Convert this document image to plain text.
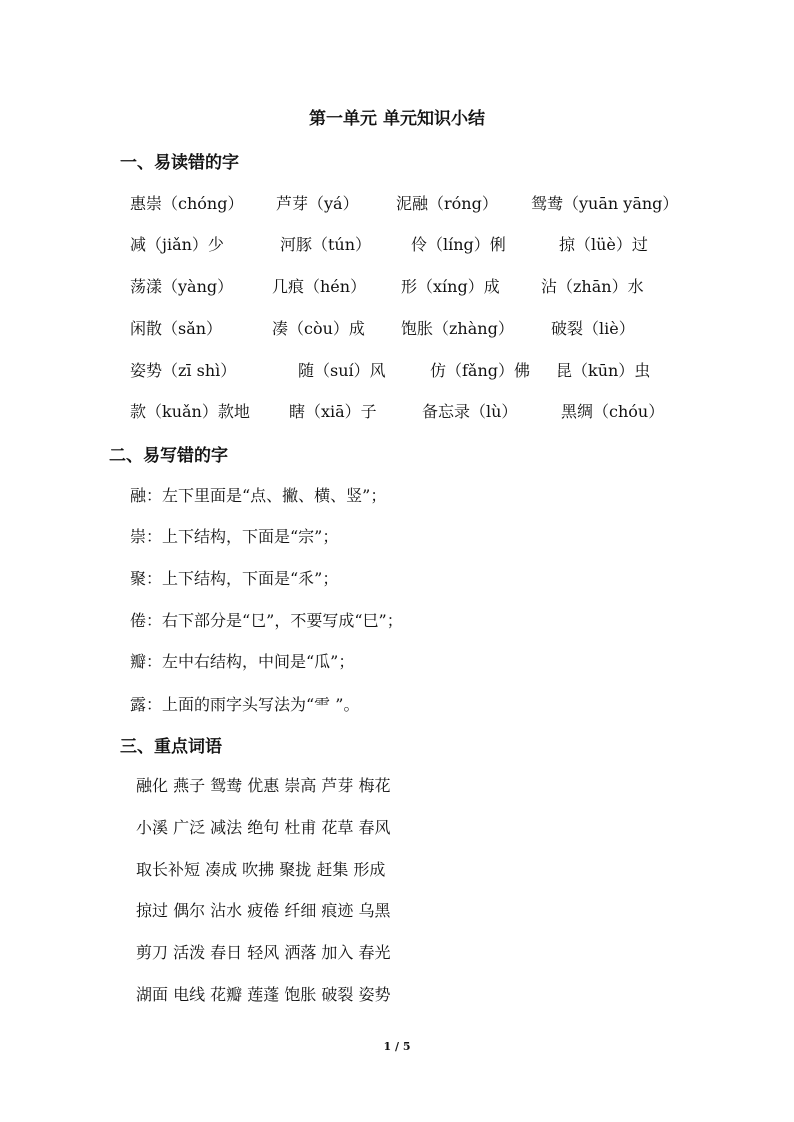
第一单元 单元知识小结
一、易读错的字
惠崇（chóng） 芦芽（yá） 泥融（róng） 鸳鸯（yuān yāng）
减（jiǎn）少	河豚（tún） 伶（líng）俐	掠（lüè）过
荡漾（yàng） 几痕（hén） 形（xíng）成	沾（zhān）水
闲散（sǎn）	凑（còu）成 饱胀（zhàng） 破裂（liè）
姿势（zī shì）	随（suí）风	仿（fǎng）佛 昆（kūn）虫
款（kuǎn）款地 瞎（xiā）子	备忘录（lù）	黑绸（chóu）
二、易写错的字
融：左下里面是“点、撇、横、竖”；
崇：上下结构，下面是“宗”；
聚：上下结构，下面是“乑”；
倦：右下部分是“㔾”，不要写成“巳”；
瓣：左中右结构，中间是“瓜”；
露：上面的雨字头写法为“⻗ ”。
三、重点词语
融化 燕子 鸳鸯 优惠 崇高 芦芽 梅花
小溪 广泛 减法 绝句 杜甫 花草 春风
取长补短 凑成 吹拂 聚拢 赶集 形成
掠过 偶尔 沾水 疲倦 纤细 痕迹 乌黑
剪刀 活泼 春日 轻风 洒落 加入 春光
湖面 电线 花瓣 莲蓬 饱胀 破裂 姿势
1 / 5
